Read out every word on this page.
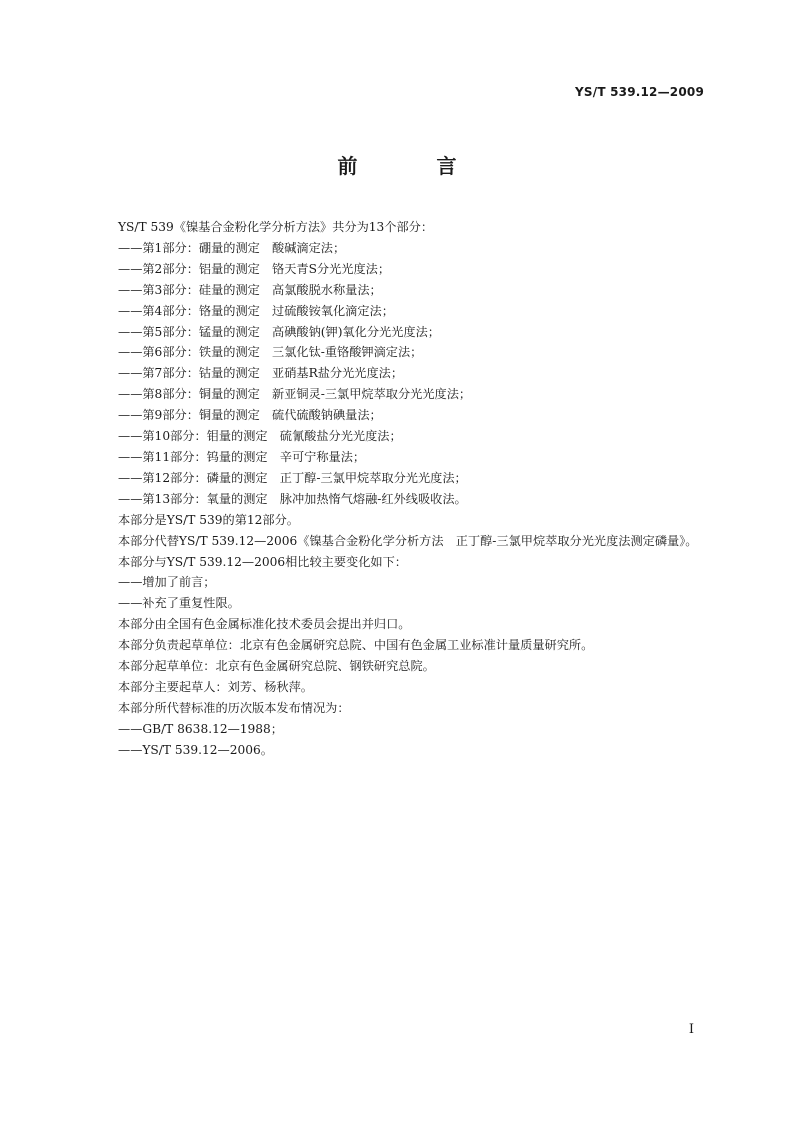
YS/T 539.12—2009
前 言

YS/T 539《镍基合金粉化学分析方法》共分为13个部分：

——第1部分：硼量的测定　酸碱滴定法；

——第2部分：铝量的测定　铬天青S分光光度法；

——第3部分：硅量的测定　高氯酸脱水称量法；

——第4部分：铬量的测定　过硫酸铵氧化滴定法；

——第5部分：锰量的测定　高碘酸钠(钾)氧化分光光度法；

——第6部分：铁量的测定　三氯化钛-重铬酸钾滴定法；

——第7部分：钴量的测定　亚硝基R盐分光光度法；

——第8部分：铜量的测定　新亚铜灵-三氯甲烷萃取分光光度法；

——第9部分：铜量的测定　硫代硫酸钠碘量法；

——第10部分：钼量的测定　硫氰酸盐分光光度法；

——第11部分：钨量的测定　辛可宁称量法；

——第12部分：磷量的测定　正丁醇-三氯甲烷萃取分光光度法；

——第13部分：氧量的测定　脉冲加热惰气熔融-红外线吸收法。

本部分是YS/T 539的第12部分。

本部分代替YS/T 539.12—2006《镍基合金粉化学分析方法　正丁醇-三氯甲烷萃取分光光度法测定磷量》。

本部分与YS/T 539.12—2006相比较主要变化如下：

——增加了前言；

——补充了重复性限。

本部分由全国有色金属标准化技术委员会提出并归口。

本部分负责起草单位：北京有色金属研究总院、中国有色金属工业标准计量质量研究所。

本部分起草单位：北京有色金属研究总院、钢铁研究总院。

本部分主要起草人：刘芳、杨秋萍。

本部分所代替标准的历次版本发布情况为：

——GB/T 8638.12—1988；

——YS/T 539.12—2006。

I
